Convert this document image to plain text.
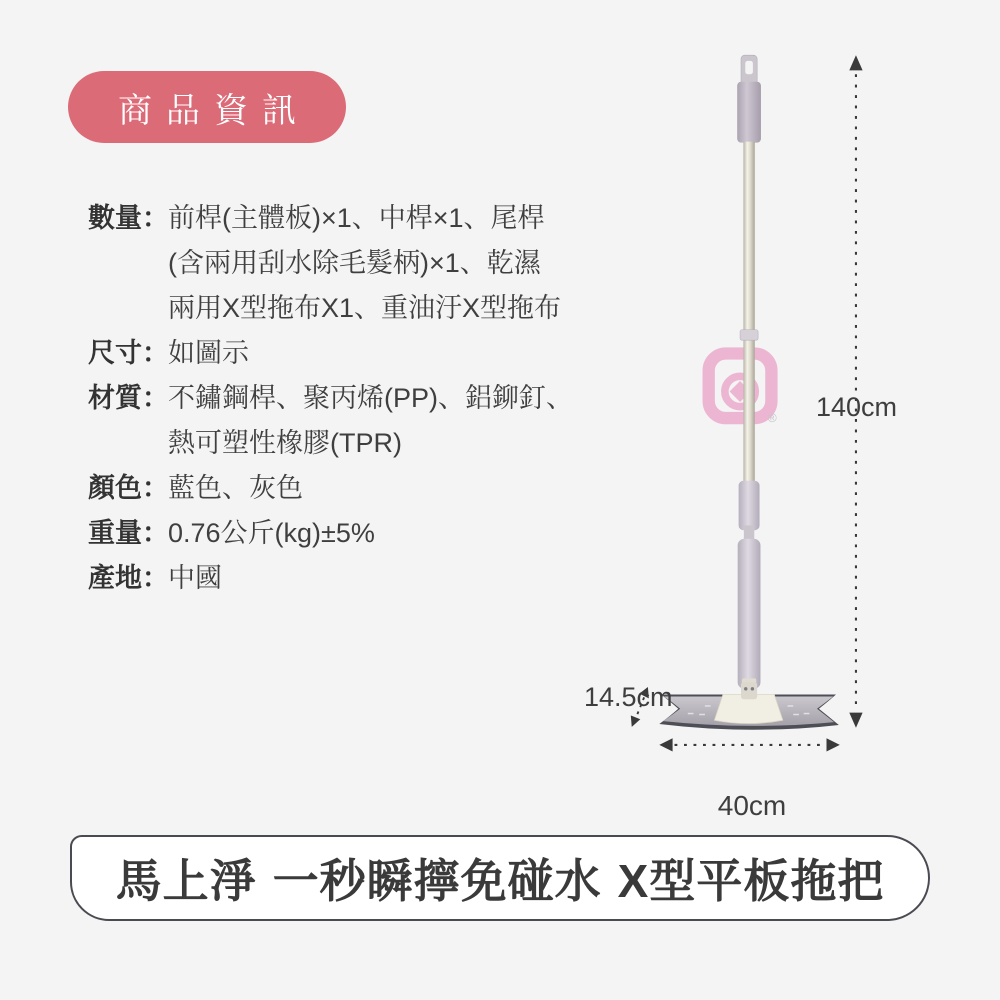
商品資訊
數量： 前桿(主體板)×1、中桿×1、尾桿
(含兩用刮水除毛髮柄)×1、乾濕
兩用X型拖布X1、重油汙X型拖布
尺寸： 如圖示
材質： 不鏽鋼桿、聚丙烯(PP)、鋁鉚釘、
熱可塑性橡膠(TPR)
顏色： 藍色、灰色
重量： 0.76公斤(kg)±5%
產地： 中國
® 140cm
14.5cm
40cm
馬上淨 一秒瞬擰免碰水 X型平板拖把
